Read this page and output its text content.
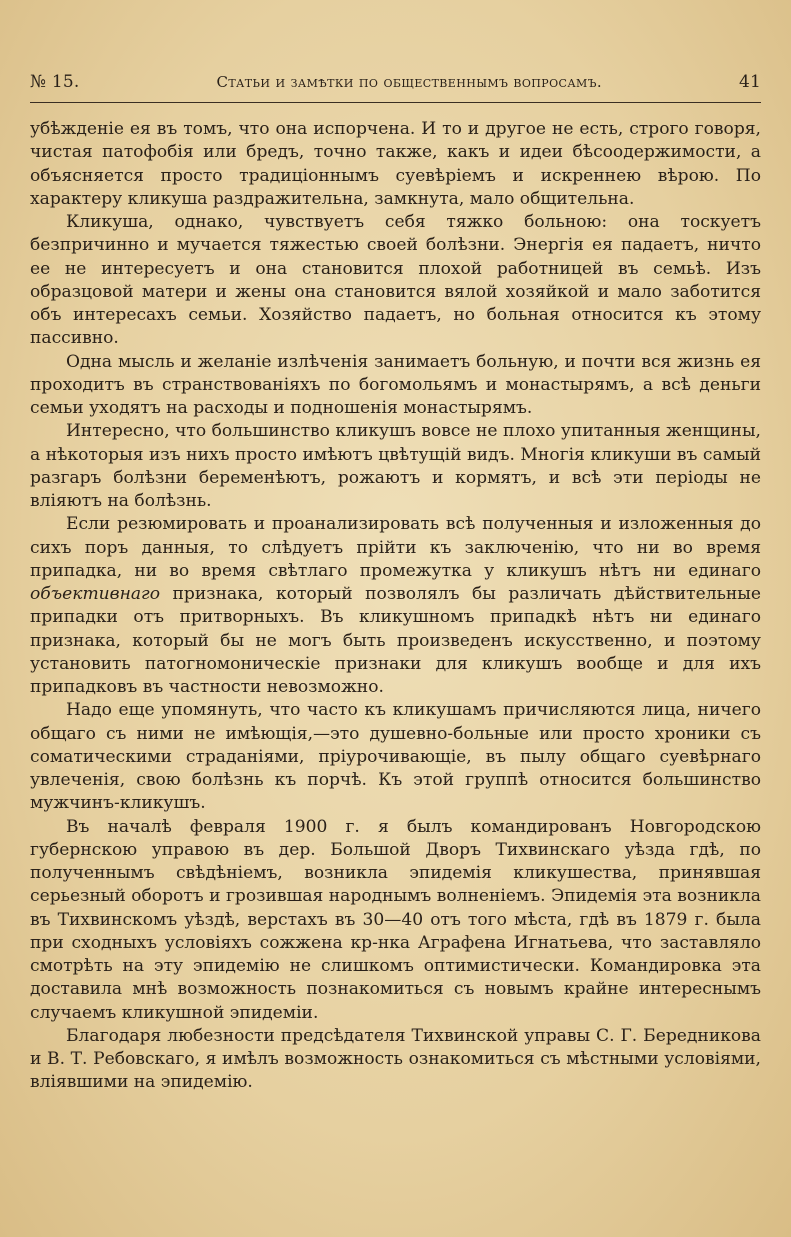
№ 15.	Статьи и замѣтки по общественнымъ вопросамъ.	41

убѣжденіе ея въ томъ, что она испорчена. И то и другое не есть, строго говоря, чистая патофобія или бредъ, точно также, какъ и идеи бѣсоодержимости, а объясняется просто традиціоннымъ суевѣріемъ и искреннею вѣрою. По характеру кликуша раздражительна, замкнута, мало общительна.

Кликуша, однако, чувствуетъ себя тяжко больною: она тоскуетъ безпричинно и мучается тяжестью своей болѣзни. Энергія ея падаетъ, ничто ее не интересуетъ и она становится плохой работницей въ семьѣ. Изъ образцовой матери и жены она становится вялой хозяйкой и мало заботится объ интересахъ семьи. Хозяйство падаетъ, но больная относится къ этому пассивно.

Одна мысль и желаніе излѣченія занимаетъ больную, и почти вся жизнь ея проходитъ въ странствованіяхъ по богомольямъ и монастырямъ, а всѣ деньги семьи уходятъ на расходы и подношенія монастырямъ.

Интересно, что большинство кликушъ вовсе не плохо упитанныя женщины, а нѣкоторыя изъ нихъ просто имѣютъ цвѣтущій видъ. Многія кликуши въ самый разгаръ болѣзни беременѣютъ, рожаютъ и кормятъ, и всѣ эти періоды не вліяютъ на болѣзнь.

Если резюмировать и проанализировать всѣ полученныя и изложенныя до сихъ поръ данныя, то слѣдуетъ прійти къ заключенію, что ни во время припадка, ни во время свѣтлаго промежутка у кликушъ нѣтъ ни единаго объективнаго признака, который позволялъ бы различать дѣйствительные припадки отъ притворныхъ. Въ кликушномъ припадкѣ нѣтъ ни единаго признака, который бы не могъ быть произведенъ искусственно, и поэтому установить патогномоническіе признаки для кликушъ вообще и для ихъ припадковъ въ частности невозможно.

Надо еще упомянуть, что часто къ кликушамъ причисляются лица, ничего общаго съ ними не имѣющія,—это душевно-больные или просто хроники съ соматическими страданіями, пріурочивающіе, въ пылу общаго суевѣрнаго увлеченія, свою болѣзнь къ порчѣ. Къ этой группѣ относится большинство мужчинъ-кликушъ.

Въ началѣ февраля 1900 г. я былъ командированъ Новгородскою губернскою управою въ дер. Большой Дворъ Тихвинскаго уѣзда гдѣ, по полученнымъ свѣдѣніемъ, возникла эпидемія кликушества, принявшая серьезный оборотъ и грозившая народнымъ волненіемъ. Эпидемія эта возникла въ Тихвинскомъ уѣздѣ, верстахъ въ 30—40 отъ того мѣста, гдѣ въ 1879 г. была при сходныхъ условіяхъ сожжена кр-нка Аграфена Игнатьева, что заставляло смотрѣть на эту эпидемію не слишкомъ оптимистически. Командировка эта доставила мнѣ возможность познакомиться съ новымъ крайне интереснымъ случаемъ кликушной эпидеміи.

Благодаря любезности предсѣдателя Тихвинской управы С. Г. Бередникова и В. Т. Ребовскаго, я имѣлъ возможность ознакомиться съ мѣстными условіями, вліявшими на эпидемію.
